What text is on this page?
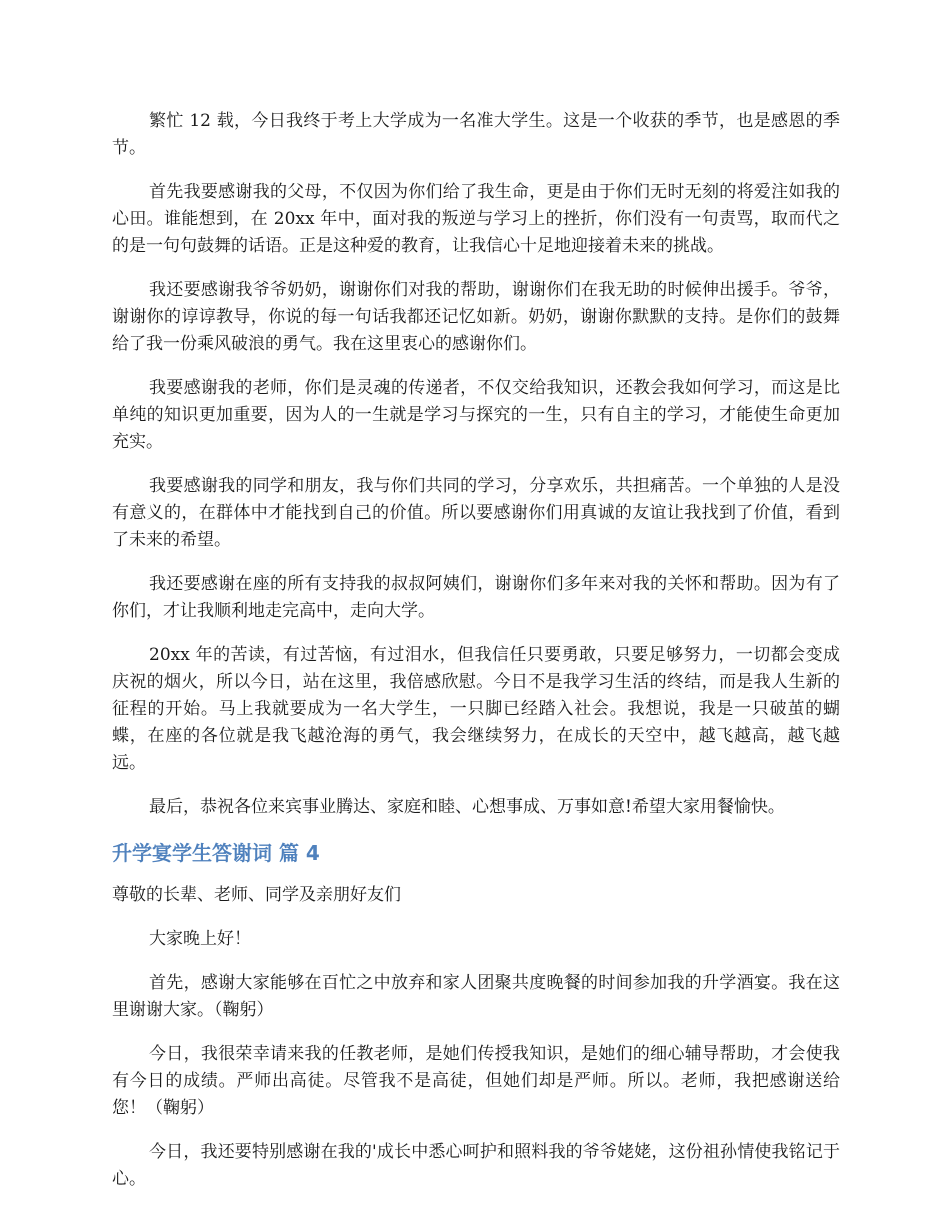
繁忙 12 载，今日我终于考上大学成为一名准大学生。这是一个收获的季节，也是感恩的季节。

首先我要感谢我的父母，不仅因为你们给了我生命，更是由于你们无时无刻的将爱注如我的心田。谁能想到，在 20xx 年中，面对我的叛逆与学习上的挫折，你们没有一句责骂，取而代之的是一句句鼓舞的话语。正是这种爱的教育，让我信心十足地迎接着未来的挑战。

我还要感谢我爷爷奶奶，谢谢你们对我的帮助，谢谢你们在我无助的时候伸出援手。爷爷，谢谢你的谆谆教导，你说的每一句话我都还记忆如新。奶奶，谢谢你默默的支持。是你们的鼓舞给了我一份乘风破浪的勇气。我在这里衷心的感谢你们。

我要感谢我的老师，你们是灵魂的传递者，不仅交给我知识，还教会我如何学习，而这是比单纯的知识更加重要，因为人的一生就是学习与探究的一生，只有自主的学习，才能使生命更加充实。

我要感谢我的同学和朋友，我与你们共同的学习，分享欢乐，共担痛苦。一个单独的人是没有意义的，在群体中才能找到自己的价值。所以要感谢你们用真诚的友谊让我找到了价值，看到了未来的希望。

我还要感谢在座的所有支持我的叔叔阿姨们，谢谢你们多年来对我的关怀和帮助。因为有了你们，才让我顺利地走完高中，走向大学。

20xx 年的苦读，有过苦恼，有过泪水，但我信任只要勇敢，只要足够努力，一切都会变成庆祝的烟火，所以今日，站在这里，我倍感欣慰。今日不是我学习生活的终结，而是我人生新的征程的开始。马上我就要成为一名大学生，一只脚已经踏入社会。我想说，我是一只破茧的蝴蝶，在座的各位就是我飞越沧海的勇气，我会继续努力，在成长的天空中，越飞越高，越飞越远。

最后，恭祝各位来宾事业腾达、家庭和睦、心想事成、万事如意!希望大家用餐愉快。

升学宴学生答谢词 篇 4

尊敬的长辈、老师、同学及亲朋好友们

大家晚上好！

首先，感谢大家能够在百忙之中放弃和家人团聚共度晚餐的时间参加我的升学酒宴。我在这里谢谢大家。（鞠躬）

今日，我很荣幸请来我的任教老师，是她们传授我知识，是她们的细心辅导帮助，才会使我有今日的成绩。严师出高徒。尽管我不是高徒，但她们却是严师。所以。老师，我把感谢送给您！（鞠躬）

今日，我还要特别感谢在我的'成长中悉心呵护和照料我的爷爷姥姥，这份祖孙情使我铭记于心。
